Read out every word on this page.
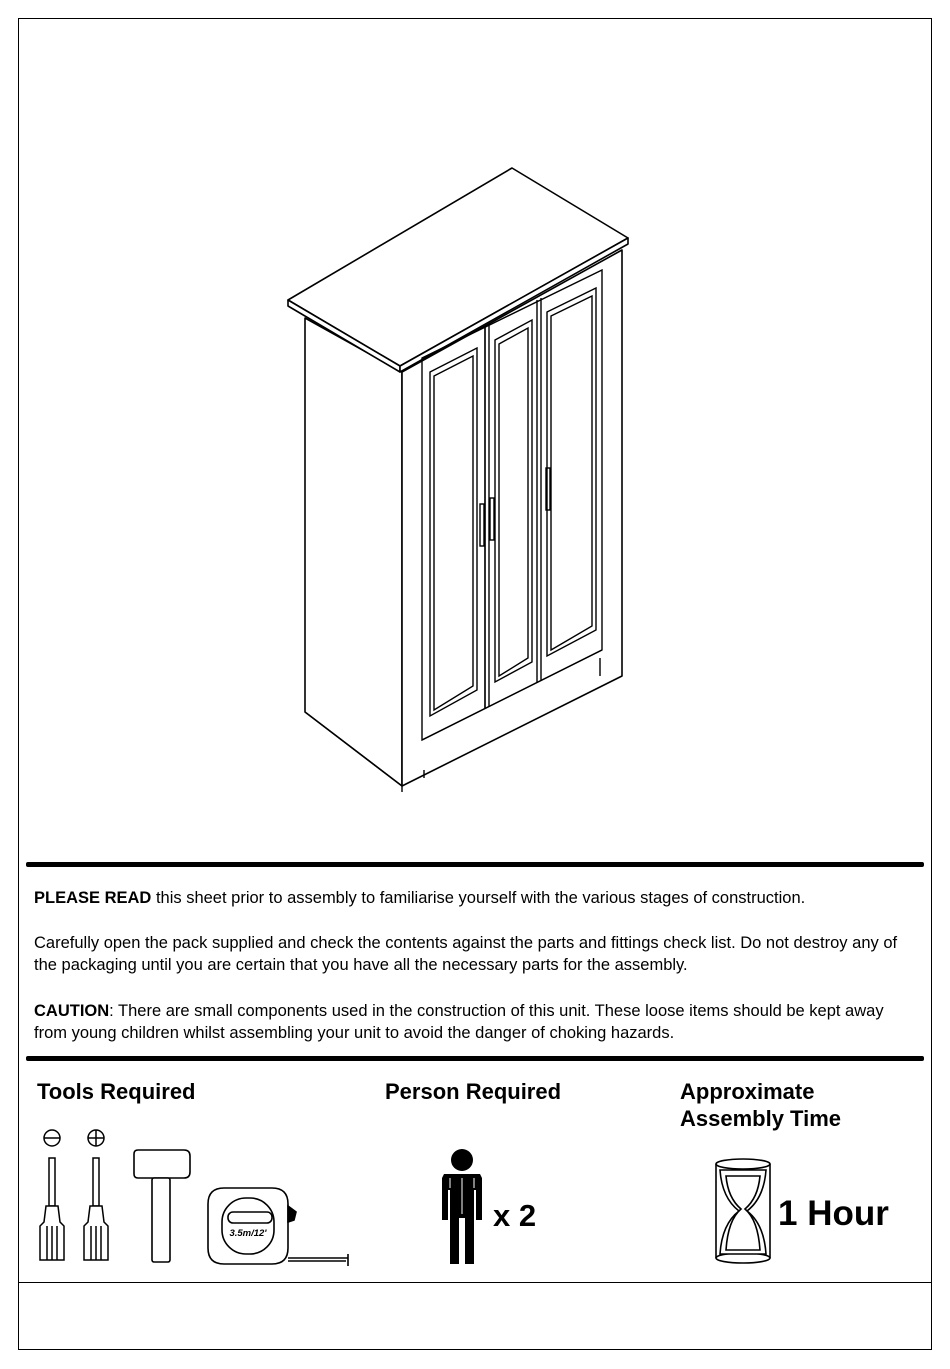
PLEASE READ this sheet prior to assembly to familiarise yourself with the various stages of construction.
Carefully open the pack supplied and check the contents against the parts and fittings check list. Do not destroy any of the packaging until you are certain that you have all the necessary parts for the assembly.
CAUTION: There are small components used in the construction of this unit. These loose items should be kept away from young children whilst assembling your unit to avoid the danger of choking hazards.
Tools Required
3.5m/12'
Person Required
x 2
Approximate
Assembly Time
1 Hour
